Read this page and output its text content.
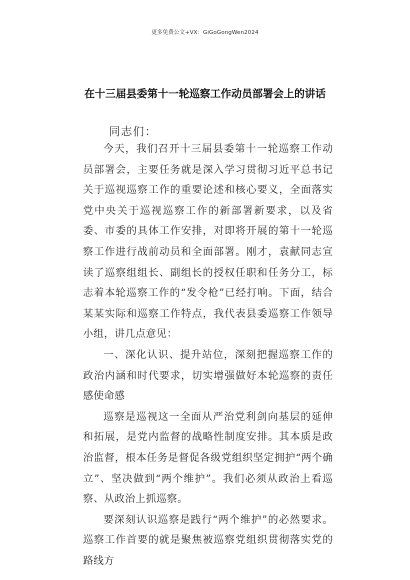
更多免费公文+VX：GiGoGongWen2024
在十三届县委第十一轮巡察工作动员部署会上的讲话
同志们：

今天，我们召开十三届县委第十一轮巡察工作动员部署会，主要任务就是深入学习贯彻习近平总书记关于巡视巡察工作的重要论述和核心要义，全面落实党中央关于巡视巡察工作的新部署新要求，以及省委、市委的具体工作安排，对即将开展的第十一轮巡察工作进行战前动员和全面部署。刚才，袁献同志宣读了巡察组组长、副组长的授权任职和任务分工，标志着本轮巡察工作的“发令枪”已经打响。下面，结合某某实际和巡察工作特点，我代表县委巡察工作领导小组，讲几点意见：

一、深化认识、提升站位，深刻把握巡察工作的政治内涵和时代要求，切实增强做好本轮巡察的责任感使命感

巡察是巡视这一全面从严治党利剑向基层的延伸和拓展，是党内监督的战略性制度安排。其本质是政治监督，根本任务是督促各级党组织坚定拥护“两个确立”、坚决做到“两个维护”。我们必须从政治上看巡察、从政治上抓巡察。

要深刻认识巡察是践行“两个维护”的必然要求。巡察工作首要的就是聚焦被巡察党组织贯彻落实党的路线方
